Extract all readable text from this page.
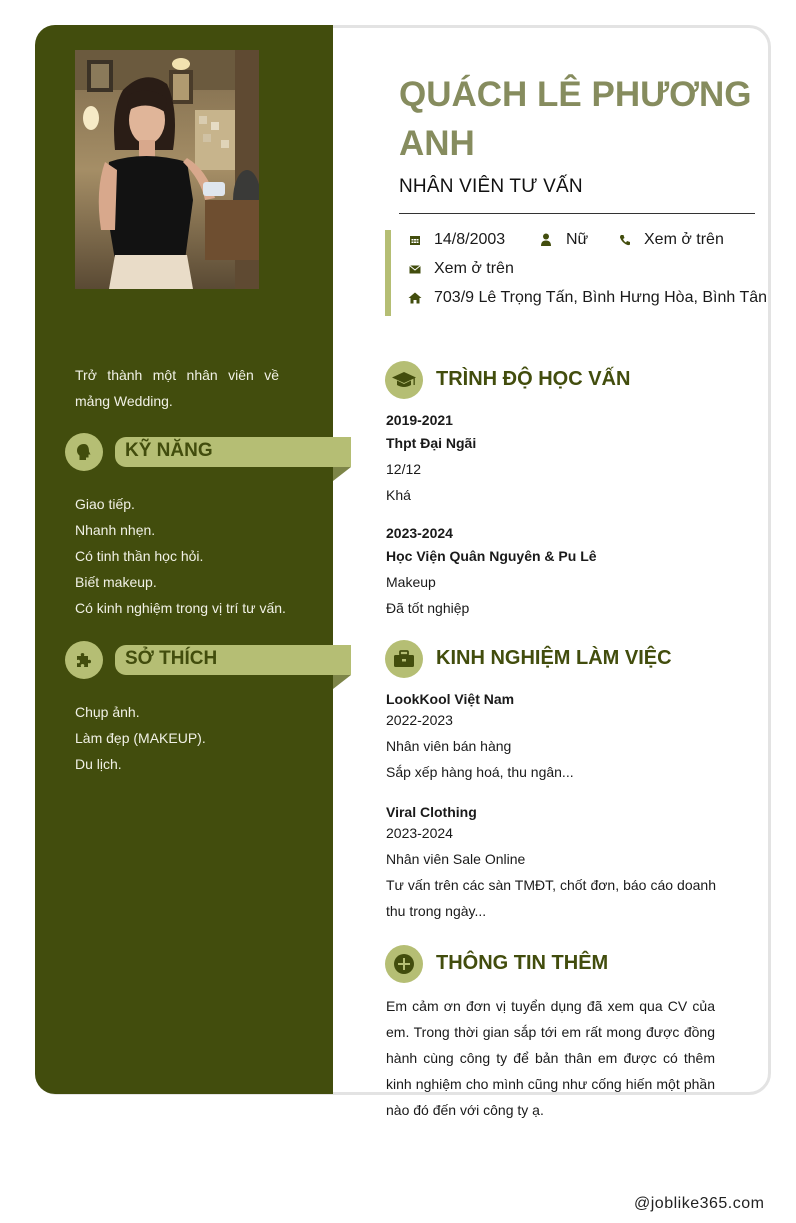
Trở thành một nhân viên về mảng Wedding.
KỸ NĂNG
Giao tiếp.
Nhanh nhẹn.
Có tinh thần học hỏi.
Biết makeup.
Có kinh nghiệm trong vị trí tư vấn.
SỞ THÍCH
Chụp ảnh.
Làm đẹp (MAKEUP).
Du lịch.
QUÁCH LÊ PHƯƠNG ANH
NHÂN VIÊN TƯ VẤN
14/8/2003	Nữ	Xem ở trên
Xem ở trên
703/9 Lê Trọng Tấn, Bình Hưng Hòa, Bình Tân
TRÌNH ĐỘ HỌC VẤN
2019-2021
Thpt Đại Ngãi
12/12
Khá
2023-2024
Học Viện Quân Nguyên & Pu Lê
Makeup
Đã tốt nghiệp
KINH NGHIỆM LÀM VIỆC
LookKool Việt Nam
2022-2023
Nhân viên bán hàng
Sắp xếp hàng hoá, thu ngân...
Viral Clothing
2023-2024
Nhân viên Sale Online
Tư vấn trên các sàn TMĐT, chốt đơn, báo cáo doanh thu trong ngày...
THÔNG TIN THÊM
Em cảm ơn đơn vị tuyển dụng đã xem qua CV của em. Trong thời gian sắp tới em rất mong được đồng hành cùng công ty để bản thân em được có thêm kinh nghiệm cho mình cũng như cống hiến một phần nào đó đến với công ty ạ.
@joblike365.com
